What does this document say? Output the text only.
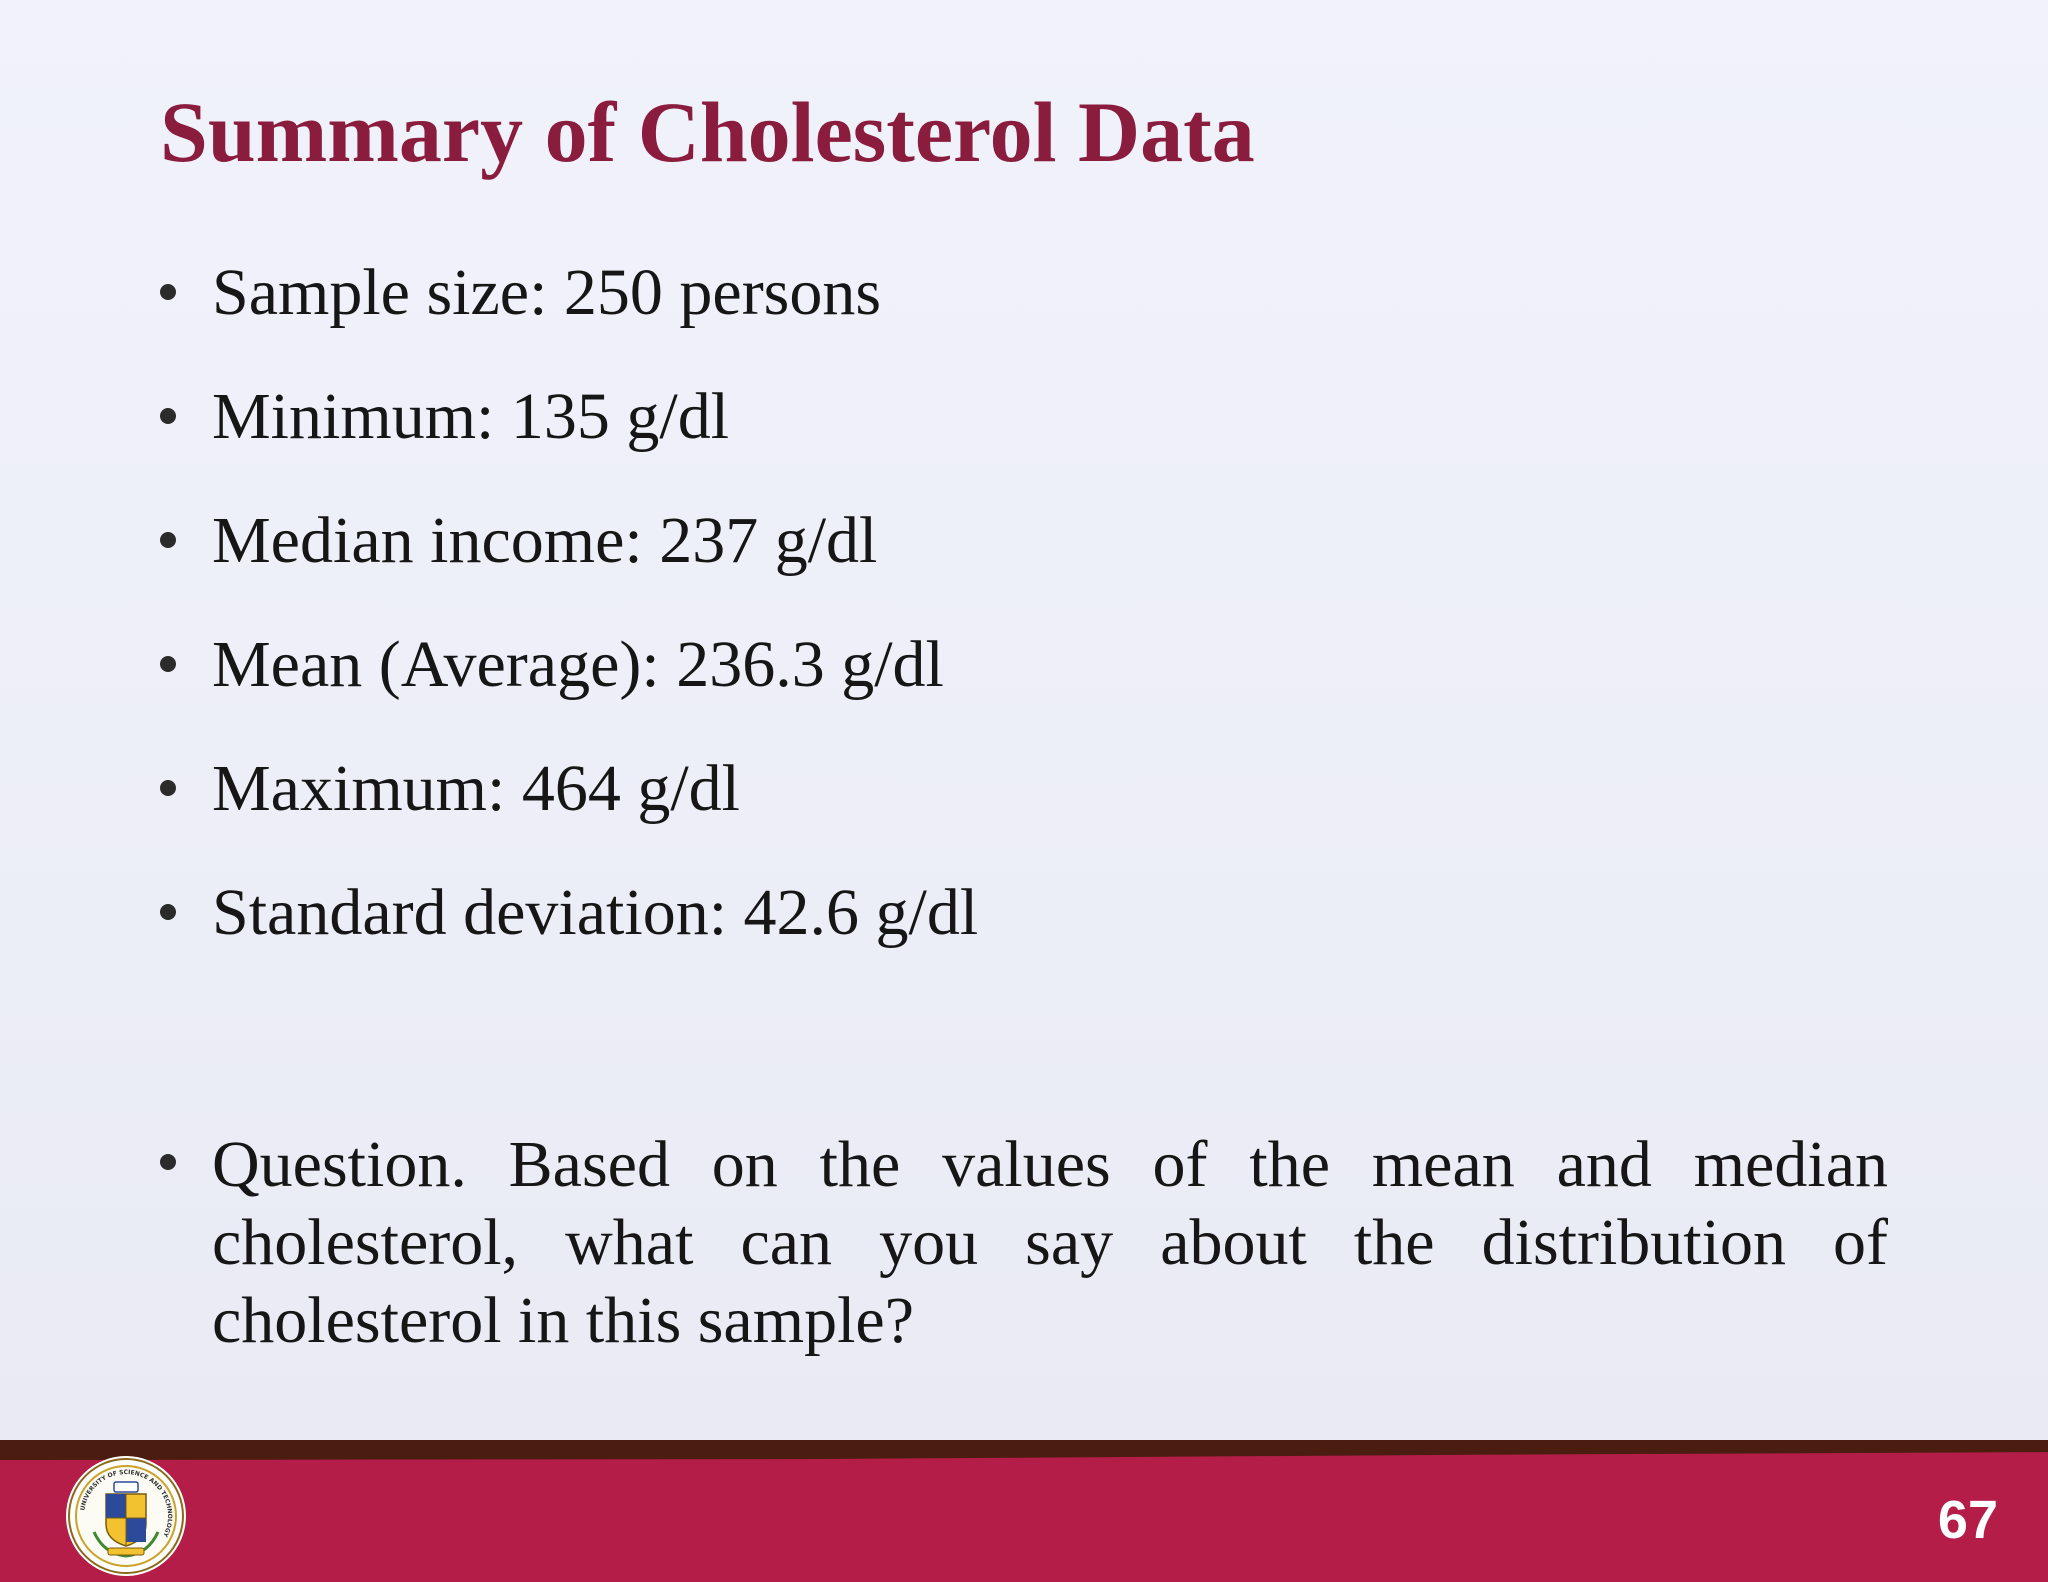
Summary of Cholesterol Data
Sample size: 250 persons
Minimum: 135 g/dl
Median income: 237 g/dl
Mean (Average): 236.3 g/dl
Maximum: 464 g/dl
Standard deviation: 42.6 g/dl
Question. Based on the values of the mean and median cholesterol, what can you say about the distribution of cholesterol in this sample?
UNIVERSITY OF SCIENCE AND TECHNOLOGY	67
